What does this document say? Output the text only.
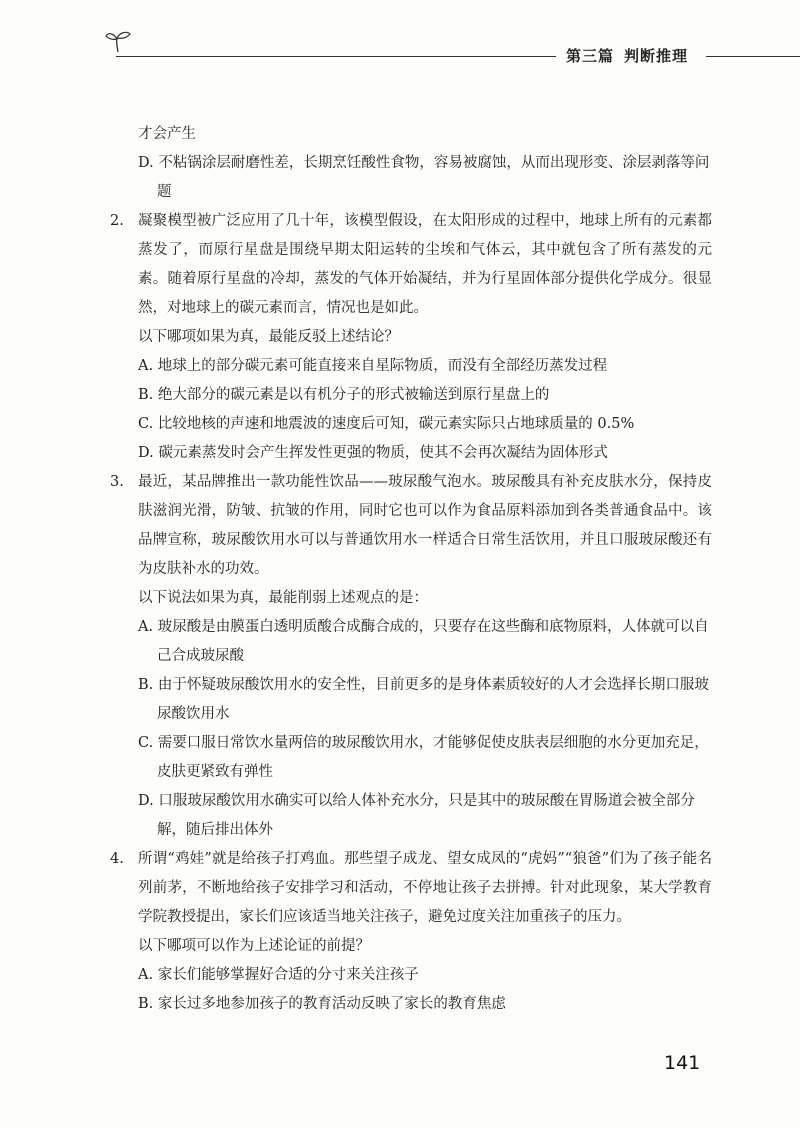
第三篇 判断推理
才会产生
D. 不粘锅涂层耐磨性差，长期烹饪酸性食物，容易被腐蚀，从而出现形变、涂层剥落等问题
2. 凝聚模型被广泛应用了几十年，该模型假设，在太阳形成的过程中，地球上所有的元素都蒸发了，而原行星盘是围绕早期太阳运转的尘埃和气体云，其中就包含了所有蒸发的元素。随着原行星盘的冷却，蒸发的气体开始凝结，并为行星固体部分提供化学成分。很显然，对地球上的碳元素而言，情况也是如此。
以下哪项如果为真，最能反驳上述结论？
A. 地球上的部分碳元素可能直接来自星际物质，而没有全部经历蒸发过程
B. 绝大部分的碳元素是以有机分子的形式被输送到原行星盘上的
C. 比较地核的声速和地震波的速度后可知，碳元素实际只占地球质量的 0.5%
D. 碳元素蒸发时会产生挥发性更强的物质，使其不会再次凝结为固体形式
3. 最近，某品牌推出一款功能性饮品——玻尿酸气泡水。玻尿酸具有补充皮肤水分，保持皮肤滋润光滑，防皱、抗皱的作用，同时它也可以作为食品原料添加到各类普通食品中。该品牌宣称，玻尿酸饮用水可以与普通饮用水一样适合日常生活饮用，并且口服玻尿酸还有为皮肤补水的功效。
以下说法如果为真，最能削弱上述观点的是：
A. 玻尿酸是由膜蛋白透明质酸合成酶合成的，只要存在这些酶和底物原料，人体就可以自己合成玻尿酸
B. 由于怀疑玻尿酸饮用水的安全性，目前更多的是身体素质较好的人才会选择长期口服玻尿酸饮用水
C. 需要口服日常饮水量两倍的玻尿酸饮用水，才能够促使皮肤表层细胞的水分更加充足，皮肤更紧致有弹性
D. 口服玻尿酸饮用水确实可以给人体补充水分，只是其中的玻尿酸在胃肠道会被全部分解，随后排出体外
4. 所谓“鸡娃”就是给孩子打鸡血。那些望子成龙、望女成凤的“虎妈”“狼爸”们为了孩子能名列前茅，不断地给孩子安排学习和活动，不停地让孩子去拼搏。针对此现象，某大学教育学院教授提出，家长们应该适当地关注孩子，避免过度关注加重孩子的压力。
以下哪项可以作为上述论证的前提？
A. 家长们能够掌握好合适的分寸来关注孩子
B. 家长过多地参加孩子的教育活动反映了家长的教育焦虑
141
